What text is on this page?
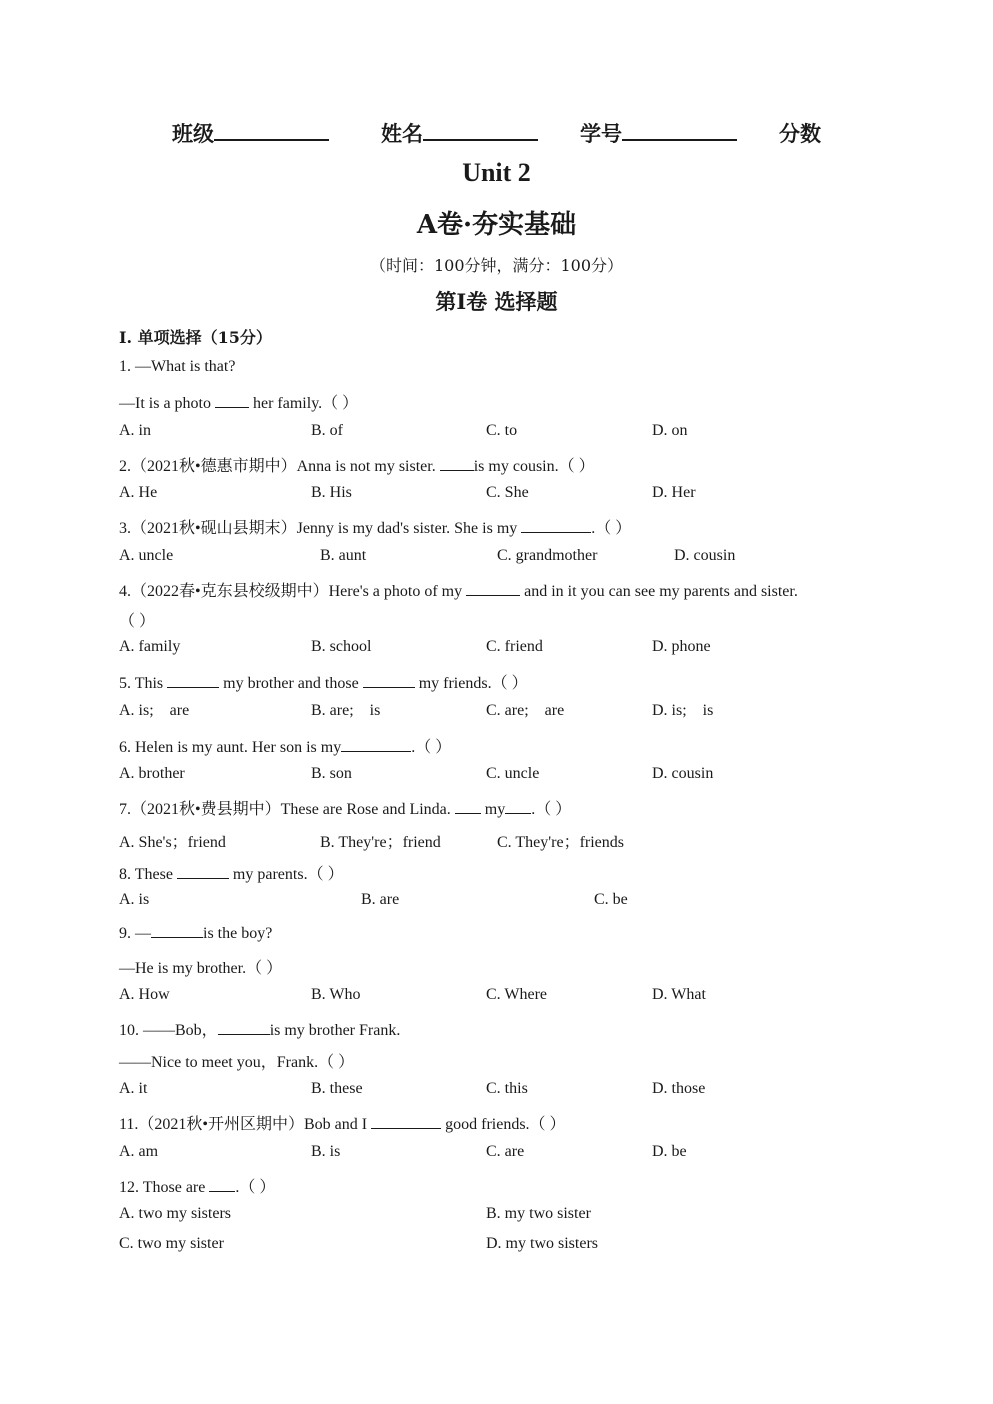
班级	姓名	学号	分数
Unit 2
A卷·夯实基础
（时间：100分钟，满分：100分）
第Ⅰ卷 选择题
I. 单项选择（15分）
1. —What is that?
—It is a photo  her family.（ ）
A. in	B. of	C. to	D. on
2.（2021秋•德惠市期中）Anna is not my sister. is my cousin.（ ）
A. He	B. His	C. She	D. Her
3.（2021秋•砚山县期末）Jenny is my dad's sister. She is my	.（ ）
A. uncle	B. aunt	C. grandmother	D. cousin
4.（2022春•克东县校级期中）Here's a photo of my	and in it you can see my parents and sister.
（ ）
A. family	B. school	C. friend	D. phone
5. This	my brother and those	my friends.（ ）
A. is;    are	B. are;    is	C. are;    are	D. is;    is
6. Helen is my aunt. Her son is my	.（ ）
A. brother	B. son	C. uncle	D. cousin
7.（2021秋•费县期中）These are Rose and Linda.  my .（ ）
A. She's；friend	B. They're；friend	C. They're；friends
8. These	my parents.（ ）
A. is	B. are	C. be
9. —	is the boy?
—He is my brother.（ ）
A. How	B. Who	C. Where	D. What
10. ——Bob，	is my brother Frank.
——Nice to meet you，Frank.（ ）
A. it	B. these	C. this	D. those
11.（2021秋•开州区期中）Bob and I	good friends.（ ）
A. am	B. is	C. are	D. be
12. Those are .（ ）
A. two my sisters	B. my two sister
C. two my sister	D. my two sisters
